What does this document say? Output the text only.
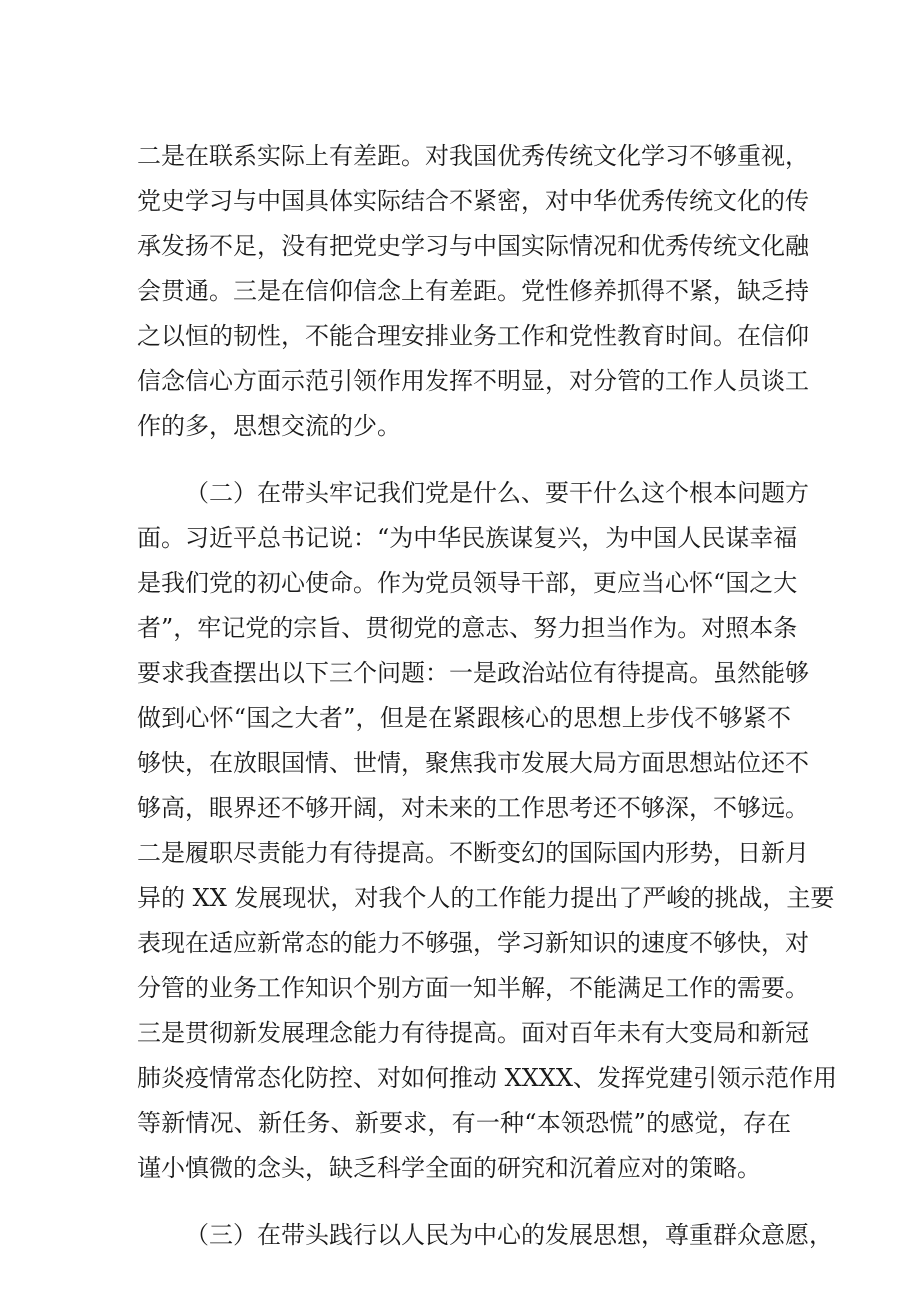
二是在联系实际上有差距。对我国优秀传统文化学习不够重视，
党史学习与中国具体实际结合不紧密，对中华优秀传统文化的传
承发扬不足，没有把党史学习与中国实际情况和优秀传统文化融
会贯通。三是在信仰信念上有差距。党性修养抓得不紧，缺乏持
之以恒的韧性，不能合理安排业务工作和党性教育时间。在信仰
信念信心方面示范引领作用发挥不明显，对分管的工作人员谈工
作的多，思想交流的少。
（二）在带头牢记我们党是什么、要干什么这个根本问题方
面。习近平总书记说：“为中华民族谋复兴，为中国人民谋幸福
是我们党的初心使命。作为党员领导干部，更应当心怀“国之大
者”，牢记党的宗旨、贯彻党的意志、努力担当作为。对照本条
要求我查摆出以下三个问题：一是政治站位有待提高。虽然能够
做到心怀“国之大者”，但是在紧跟核心的思想上步伐不够紧不
够快，在放眼国情、世情，聚焦我市发展大局方面思想站位还不
够高，眼界还不够开阔，对未来的工作思考还不够深，不够远。
二是履职尽责能力有待提高。不断变幻的国际国内形势，日新月
异的 XX 发展现状，对我个人的工作能力提出了严峻的挑战，主要
表现在适应新常态的能力不够强，学习新知识的速度不够快，对
分管的业务工作知识个别方面一知半解，不能满足工作的需要。
三是贯彻新发展理念能力有待提高。面对百年未有大变局和新冠
肺炎疫情常态化防控、对如何推动 XXXX、发挥党建引领示范作用
等新情况、新任务、新要求，有一种“本领恐慌”的感觉，存在
谨小慎微的念头，缺乏科学全面的研究和沉着应对的策略。
（三）在带头践行以人民为中心的发展思想，尊重群众意愿，
